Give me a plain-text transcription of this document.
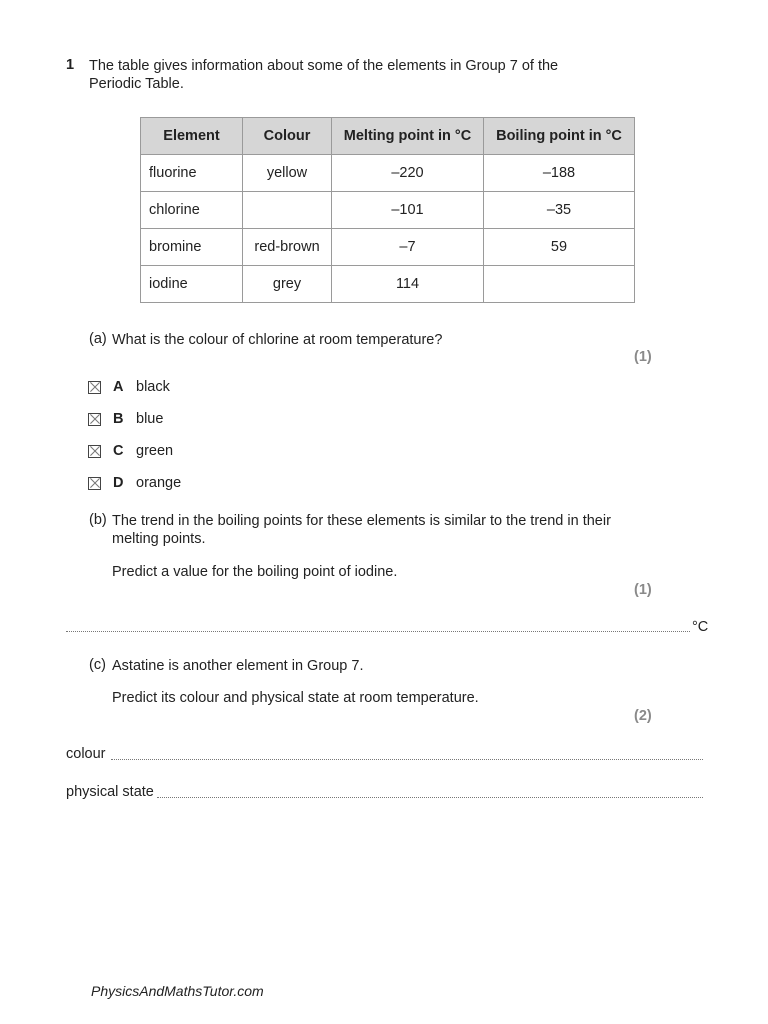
1 The table gives information about some of the elements in Group 7 of the
Periodic Table.
Element	Colour	Melting point in °C	Boiling point in °C
fluorine	yellow	–220	–188
chlorine		–101	–35
bromine	red-brown	–7	59
iodine	grey	114	
(a) What is the colour of chlorine at room temperature?
(1)
A black
B blue
C green
D orange
(b) The trend in the boiling points for these elements is similar to the trend in their
melting points.
Predict a value for the boiling point of iodine.
(1)
°C
(c) Astatine is another element in Group 7.
Predict its colour and physical state at room temperature.
(2)
colour
physical state
PhysicsAndMathsTutor.com
